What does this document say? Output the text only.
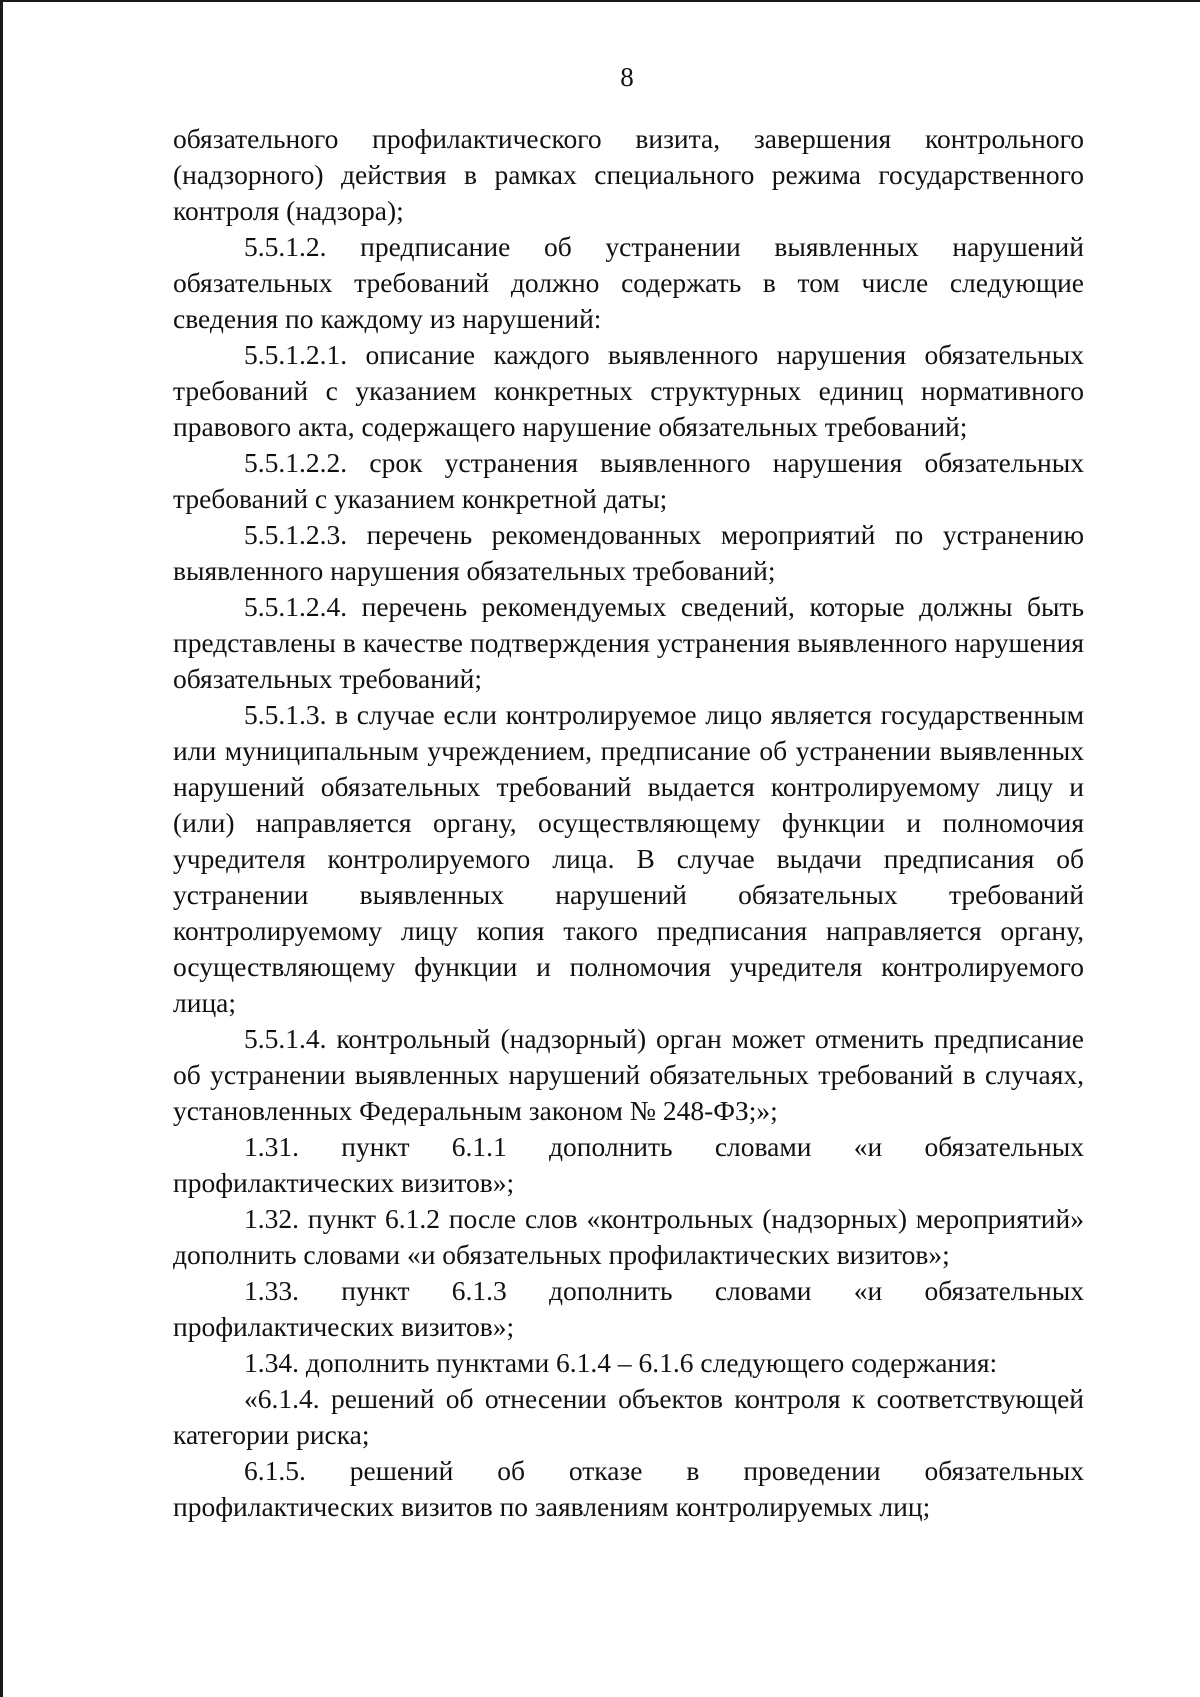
8

обязательного профилактического визита, завершения контрольного (надзорного) действия в рамках специального режима государственного контроля (надзора);

5.5.1.2. предписание об устранении выявленных нарушений обязательных требований должно содержать в том числе следующие сведения по каждому из нарушений:

5.5.1.2.1. описание каждого выявленного нарушения обязательных требований с указанием конкретных структурных единиц нормативного правового акта, содержащего нарушение обязательных требований;

5.5.1.2.2. срок устранения выявленного нарушения обязательных требований с указанием конкретной даты;

5.5.1.2.3. перечень рекомендованных мероприятий по устранению выявленного нарушения обязательных требований;

5.5.1.2.4. перечень рекомендуемых сведений, которые должны быть представлены в качестве подтверждения устранения выявленного нарушения обязательных требований;

5.5.1.3. в случае если контролируемое лицо является государственным или муниципальным учреждением, предписание об устранении выявленных нарушений обязательных требований выдается контролируемому лицу и (или) направляется органу, осуществляющему функции и полномочия учредителя контролируемого лица. В случае выдачи предписания об устранении выявленных нарушений обязательных требований контролируемому лицу копия такого предписания направляется органу, осуществляющему функции и полномочия учредителя контролируемого лица;

5.5.1.4. контрольный (надзорный) орган может отменить предписание об устранении выявленных нарушений обязательных требований в случаях, установленных Федеральным законом № 248-ФЗ;»;

1.31. пункт 6.1.1 дополнить словами «и обязательных профилактических визитов»;

1.32. пункт 6.1.2 после слов «контрольных (надзорных) мероприятий» дополнить словами «и обязательных профилактических визитов»;

1.33. пункт 6.1.3 дополнить словами «и обязательных профилактических визитов»;

1.34. дополнить пунктами 6.1.4 – 6.1.6 следующего содержания:

«6.1.4. решений об отнесении объектов контроля к соответствующей категории риска;

6.1.5. решений об отказе в проведении обязательных профилактических визитов по заявлениям контролируемых лиц;
